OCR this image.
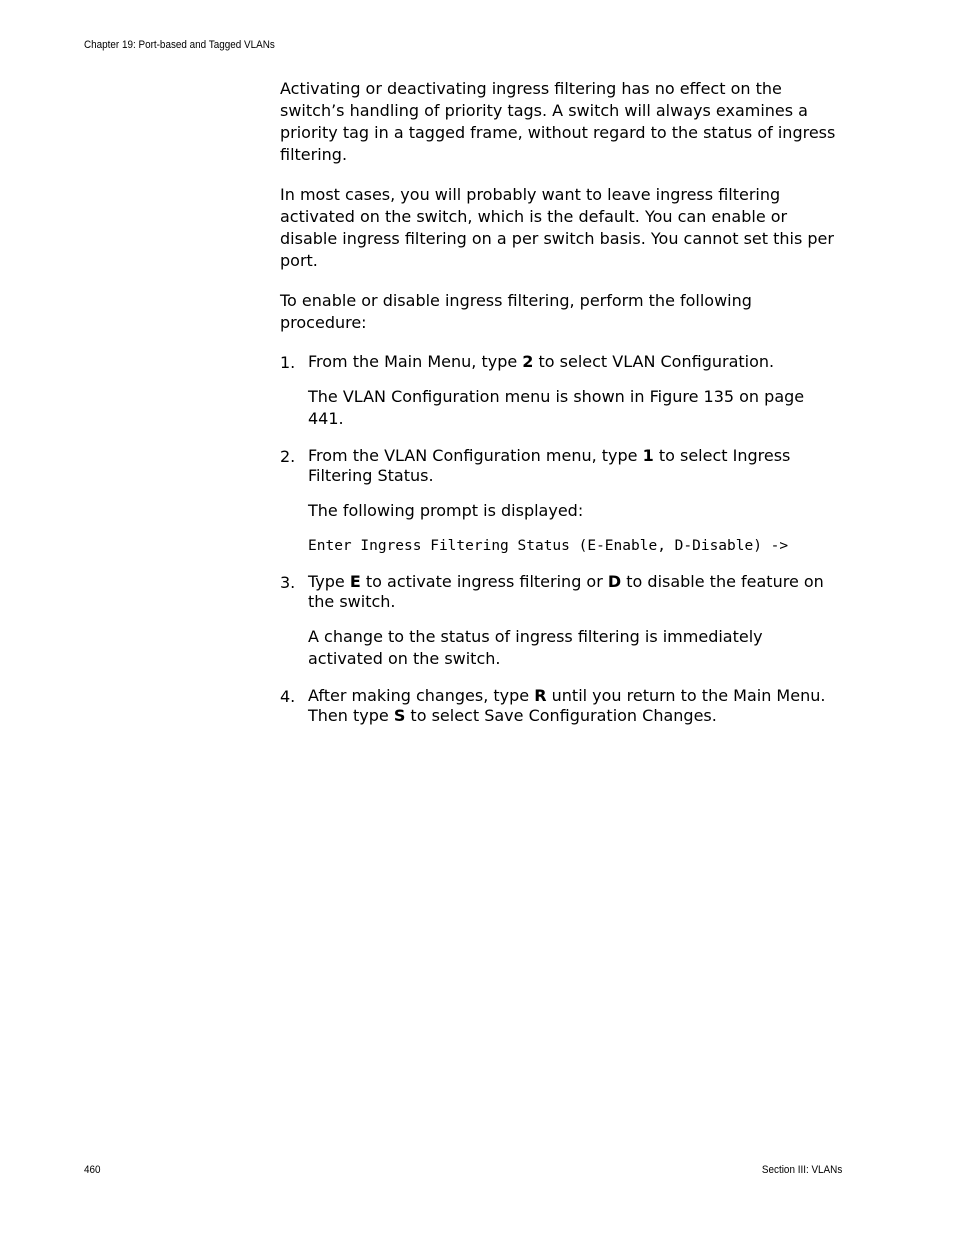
Chapter 19: Port-based and Tagged VLANs

Activating or deactivating ingress filtering has no effect on the switch’s handling of priority tags. A switch will always examines a priority tag in a tagged frame, without regard to the status of ingress filtering.

In most cases, you will probably want to leave ingress filtering activated on the switch, which is the default. You can enable or disable ingress filtering on a per switch basis. You cannot set this per port.

To enable or disable ingress filtering, perform the following procedure:

1. From the Main Menu, type 2 to select VLAN Configuration.

The VLAN Configuration menu is shown in Figure 135 on page 441.

2. From the VLAN Configuration menu, type 1 to select Ingress Filtering Status.

The following prompt is displayed:

Enter Ingress Filtering Status (E-Enable, D-Disable) ->
3. Type E to activate ingress filtering or D to disable the feature on the switch.

A change to the status of ingress filtering is immediately activated on the switch.

4. After making changes, type R until you return to the Main Menu. Then type S to select Save Configuration Changes.

460	Section III: VLANs
